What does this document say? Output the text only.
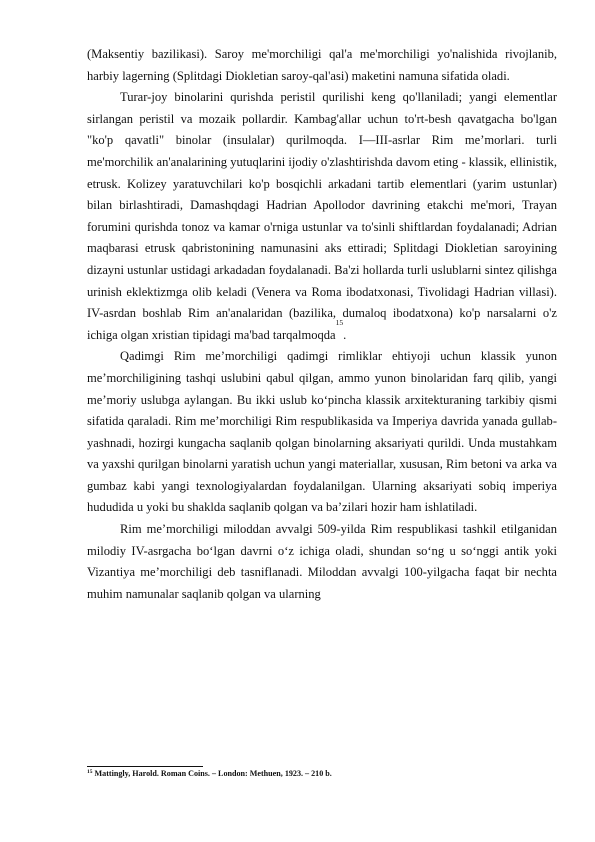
(Maksentiy bazilikasi). Saroy me'morchiligi qal'a me'morchiligi yo'nalishida rivojlanib, harbiy lagerning (Splitdagi Diokletian saroy-qal'asi) maketini namuna sifatida oladi.

Turar-joy binolarini qurishda peristil qurilishi keng qo'llaniladi; yangi elementlar sirlangan peristil va mozaik pollardir. Kambag'allar uchun to'rt-besh qavatgacha bo'lgan "ko'p qavatli" binolar (insulalar) qurilmoqda. I—III-asrlar Rim me’morlari. turli me'morchilik an'analarining yutuqlarini ijodiy o'zlashtirishda davom eting - klassik, ellinistik, etrusk. Kolizey yaratuvchilari ko'p bosqichli arkadani tartib elementlari (yarim ustunlar) bilan birlashtiradi, Damashqdagi Hadrian Apollodor davrining etakchi me'mori, Trayan forumini qurishda tonoz va kamar o'rniga ustunlar va to'sinli shiftlardan foydalanadi; Adrian maqbarasi etrusk qabristonining namunasini aks ettiradi; Splitdagi Diokletian saroyining dizayni ustunlar ustidagi arkadadan foydalanadi. Ba'zi hollarda turli uslublarni sintez qilishga urinish eklektizmga olib keladi (Venera va Roma ibodatxonasi, Tivolidagi Hadrian villasi). IV-asrdan boshlab Rim an'analaridan (bazilika, dumaloq ibodatxona) ko'p narsalarni o'z ichiga olgan xristian tipidagi ma'bad tarqalmoqda$^{15}$.

Qadimgi Rim me’morchiligi qadimgi rimliklar ehtiyoji uchun klassik yunon me’morchiligining tashqi uslubini qabul qilgan, ammo yunon binolaridan farq qilib, yangi me’moriy uslubga aylangan. Bu ikki uslub ko‘pincha klassik arxitekturaning tarkibiy qismi sifatida qaraladi. Rim me’morchiligi Rim respublikasida va Imperiya davrida yanada gullab-yashnadi, hozirgi kungacha saqlanib qolgan binolarning aksariyati qurildi. Unda mustahkam va yaxshi qurilgan binolarni yaratish uchun yangi materiallar, xususan, Rim betoni va arka va gumbaz kabi yangi texnologiyalardan foydalanilgan. Ularning aksariyati sobiq imperiya hududida u yoki bu shaklda saqlanib qolgan va ba’zilari hozir ham ishlatiladi.

Rim me’morchiligi miloddan avvalgi 509-yilda Rim respublikasi tashkil etilganidan milodiy IV-asrgacha bo‘lgan davrni o‘z ichiga oladi, shundan so‘ng u so‘nggi antik yoki Vizantiya me’morchiligi deb tasniflanadi. Miloddan avvalgi 100-yilgacha faqat bir nechta muhim namunalar saqlanib qolgan va ularning

$^{15}$ Mattingly, Harold. Roman Coins. – London: Methuen, 1923. – 210 b.
